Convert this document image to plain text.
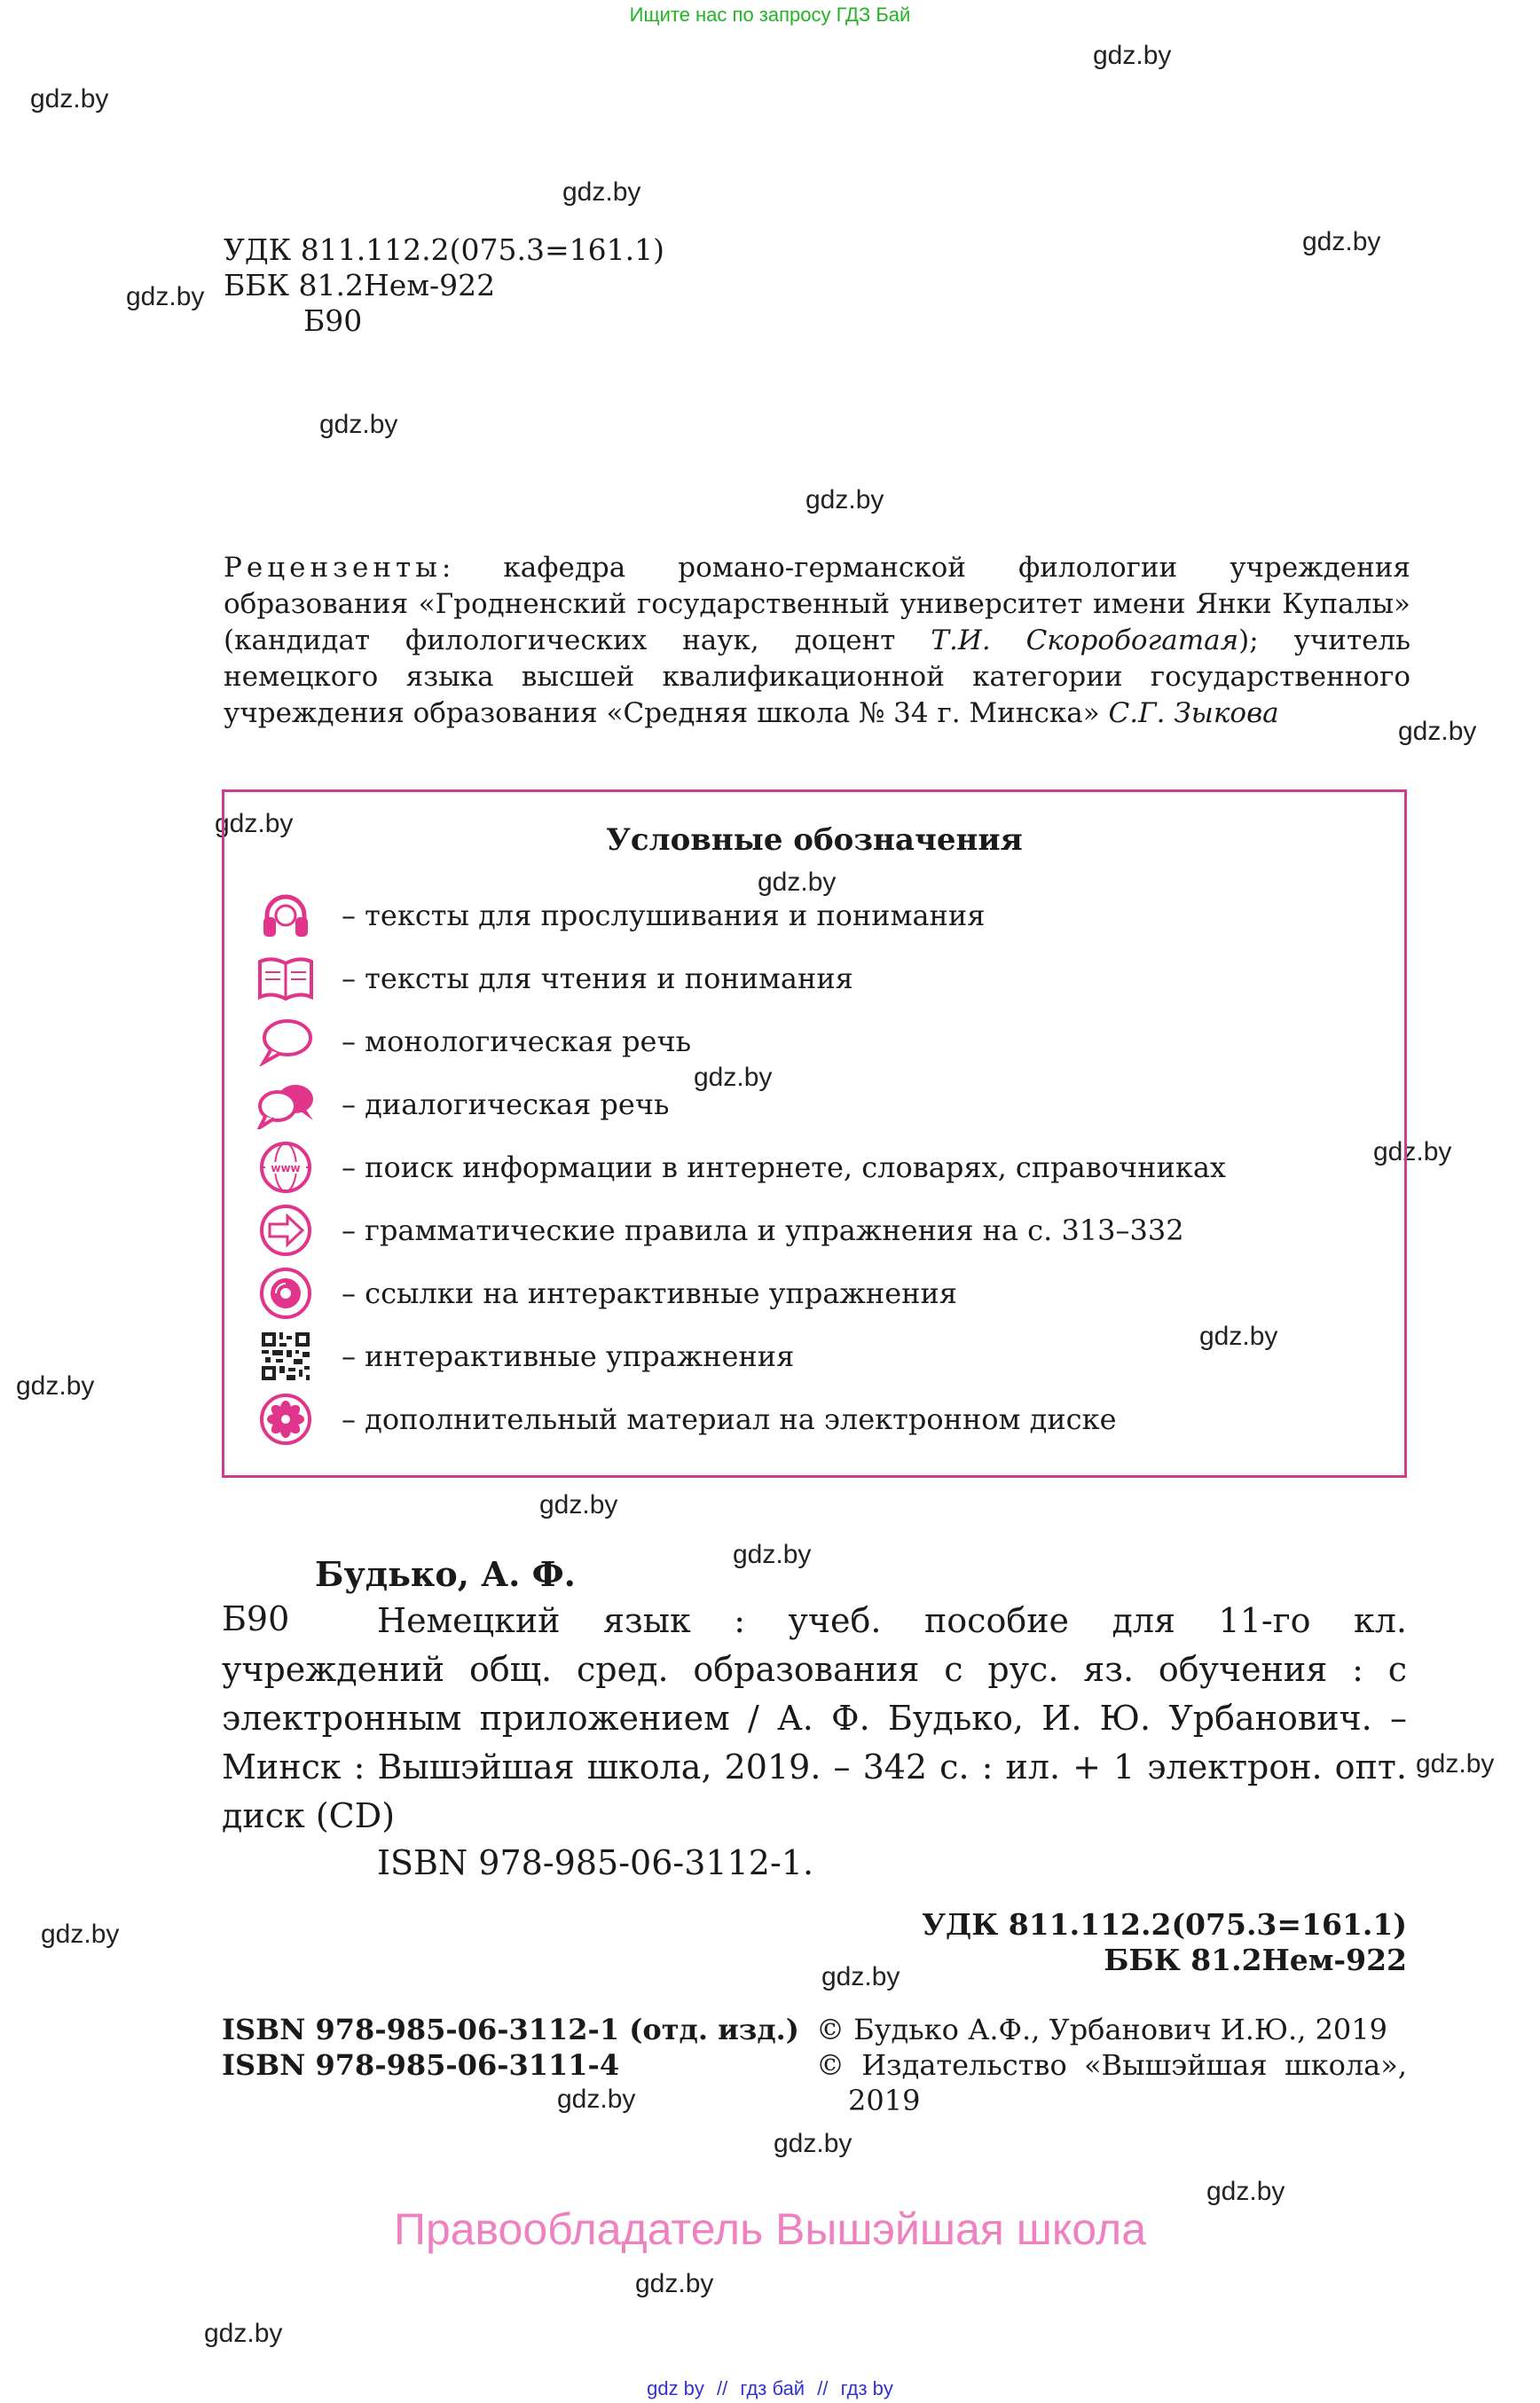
Ищите нас по запросу ГДЗ Бай
gdz.by
gdz.by
gdz.by
gdz.by
gdz.by
gdz.by
gdz.by
gdz.by
gdz.by
gdz.by
gdz.by
gdz.by
gdz.by
gdz.by
gdz.by
gdz.by
gdz.by
gdz.by
gdz.by
gdz.by
gdz.by
gdz.by
gdz.by
gdz.by
УДК 811.112.2(075.3=161.1)
ББК 81.2Нем-922
Б90
Рецензенты: кафедра романо-германской филологии учреждения образования «Гродненский государственный университет имени Янки Купалы» (кандидат филологических наук, доцент Т.И. Скоробогатая); учитель немецкого языка высшей квалификационной категории государственного учреждения образования «Средняя школа № 34 г. Минска» С.Г. Зыкова
Условные обозначения
– тексты для прослушивания и понимания
– тексты для чтения и понимания
– монологическая речь
– диалогическая речь
www – поиск информации в интернете, словарях, справочниках
– грамматические правила и упражнения на с. 313–332
– ссылки на интерактивные упражнения
– интерактивные упражнения
– дополнительный материал на электронном диске
Будько, А. Ф.
Б90	Немецкий язык : учеб. пособие для 11-го кл. учреждений общ. сред. образования с рус. яз. обучения : с электронным приложением / А. Ф. Будько, И. Ю. Урбанович. – Минск : Вышэйшая школа, 2019. – 342 с. : ил. + 1 электрон. опт. диск (CD)
ISBN 978-985-06-3112-1.
УДК 811.112.2(075.3=161.1)
ББК 81.2Нем-922
ISBN 978-985-06-3112-1 (отд. изд.)
ISBN 978-985-06-3111-4
© Будько А.Ф., Урбанович И.Ю., 2019
© Издательство «Вышэйшая школа», 2019
Правообладатель Вышэйшая школа
gdz by // гдз бай // гдз by
